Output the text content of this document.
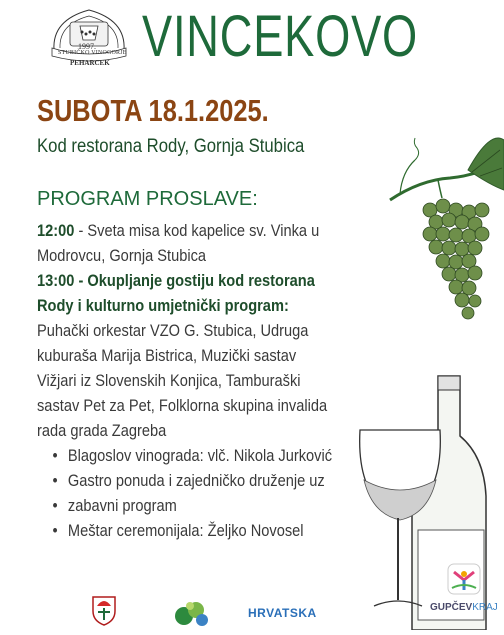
1997.
STUBIČKO VINOGORJE
PEHARCEK VINCEKOVO
SUBOTA 18.1.2025.
Kod restorana Rody, Gornja Stubica
PROGRAM PROSLAVE:
12:00 - Sveta misa kod kapelice sv. Vinka u
Modrovcu, Gornja Stubica
13:00 - Okupljanje gostiju kod restorana
Rody i kulturno umjetnički program:
Puhački orkestar VZO G. Stubica, Udruga
kuburaša Marija Bistrica, Muzički sastav
Vižjari iz Slovenskih Konjica, Tamburaški
sastav Pet za Pet, Folklorna skupina invalida
rada grada Zagreba
• Blagoslov vinograda: vlč. Nikola Jurković
• Gastro ponuda i zajedničko druženje uz
• zabavni program
• Meštar ceremonijala: Željko Novosel
GUPČEVKRAJ
HRVATSKA
